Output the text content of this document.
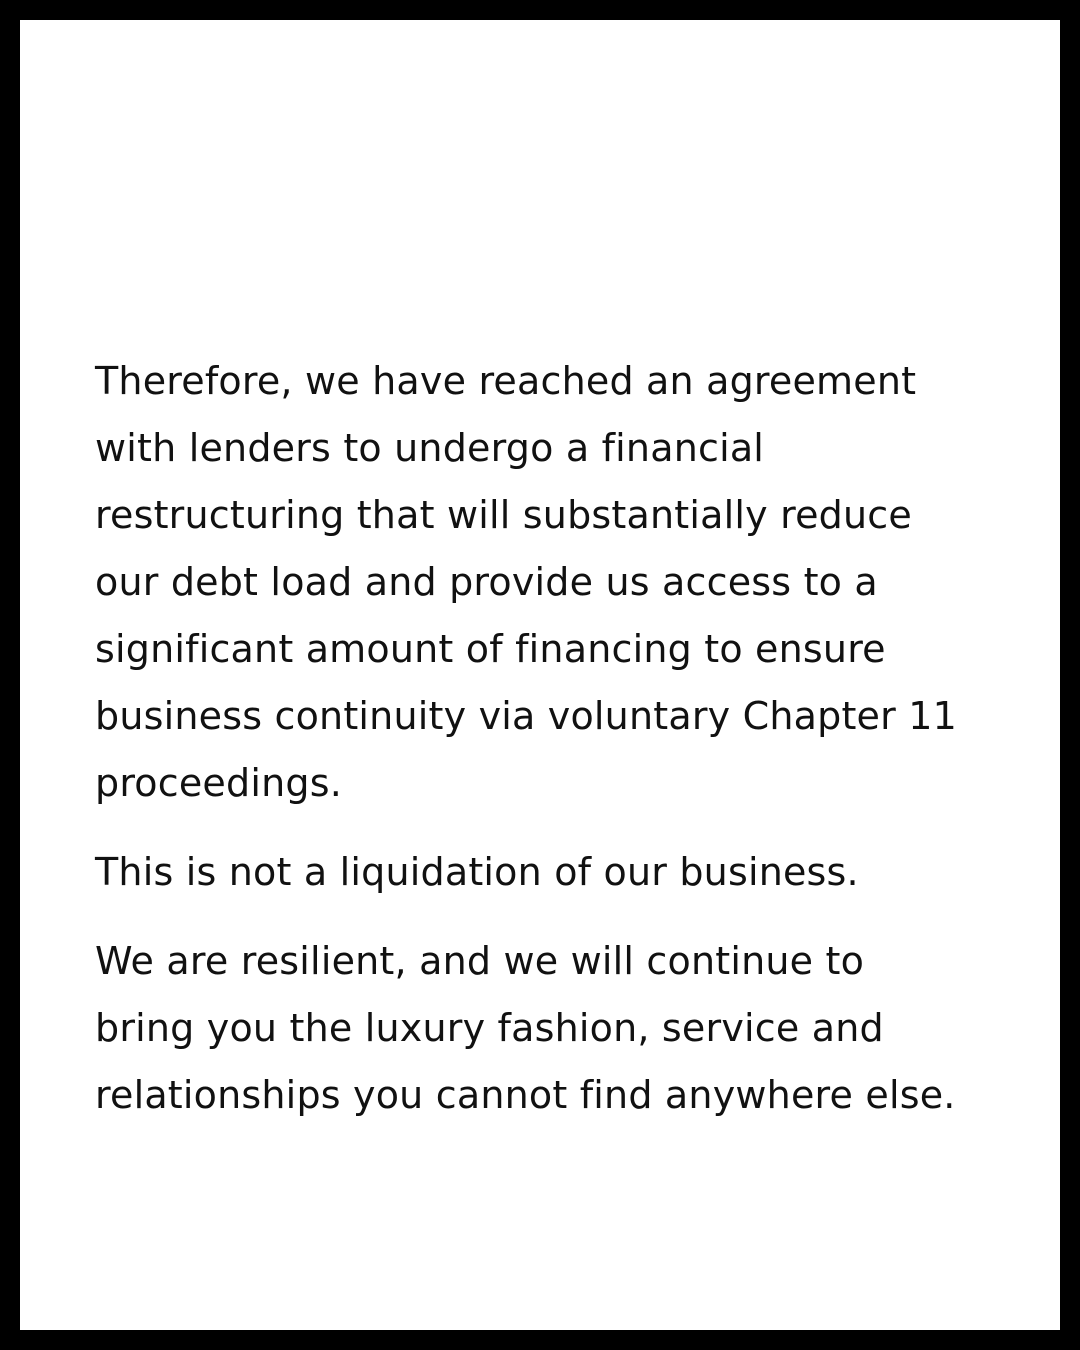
Therefore, we have reached an agreement
with lenders to undergo a financial
restructuring that will substantially reduce
our debt load and provide us access to a
significant amount of financing to ensure
business continuity via voluntary Chapter 11
proceedings.
This is not a liquidation of our business.
We are resilient, and we will continue to
bring you the luxury fashion, service and
relationships you cannot find anywhere else.
